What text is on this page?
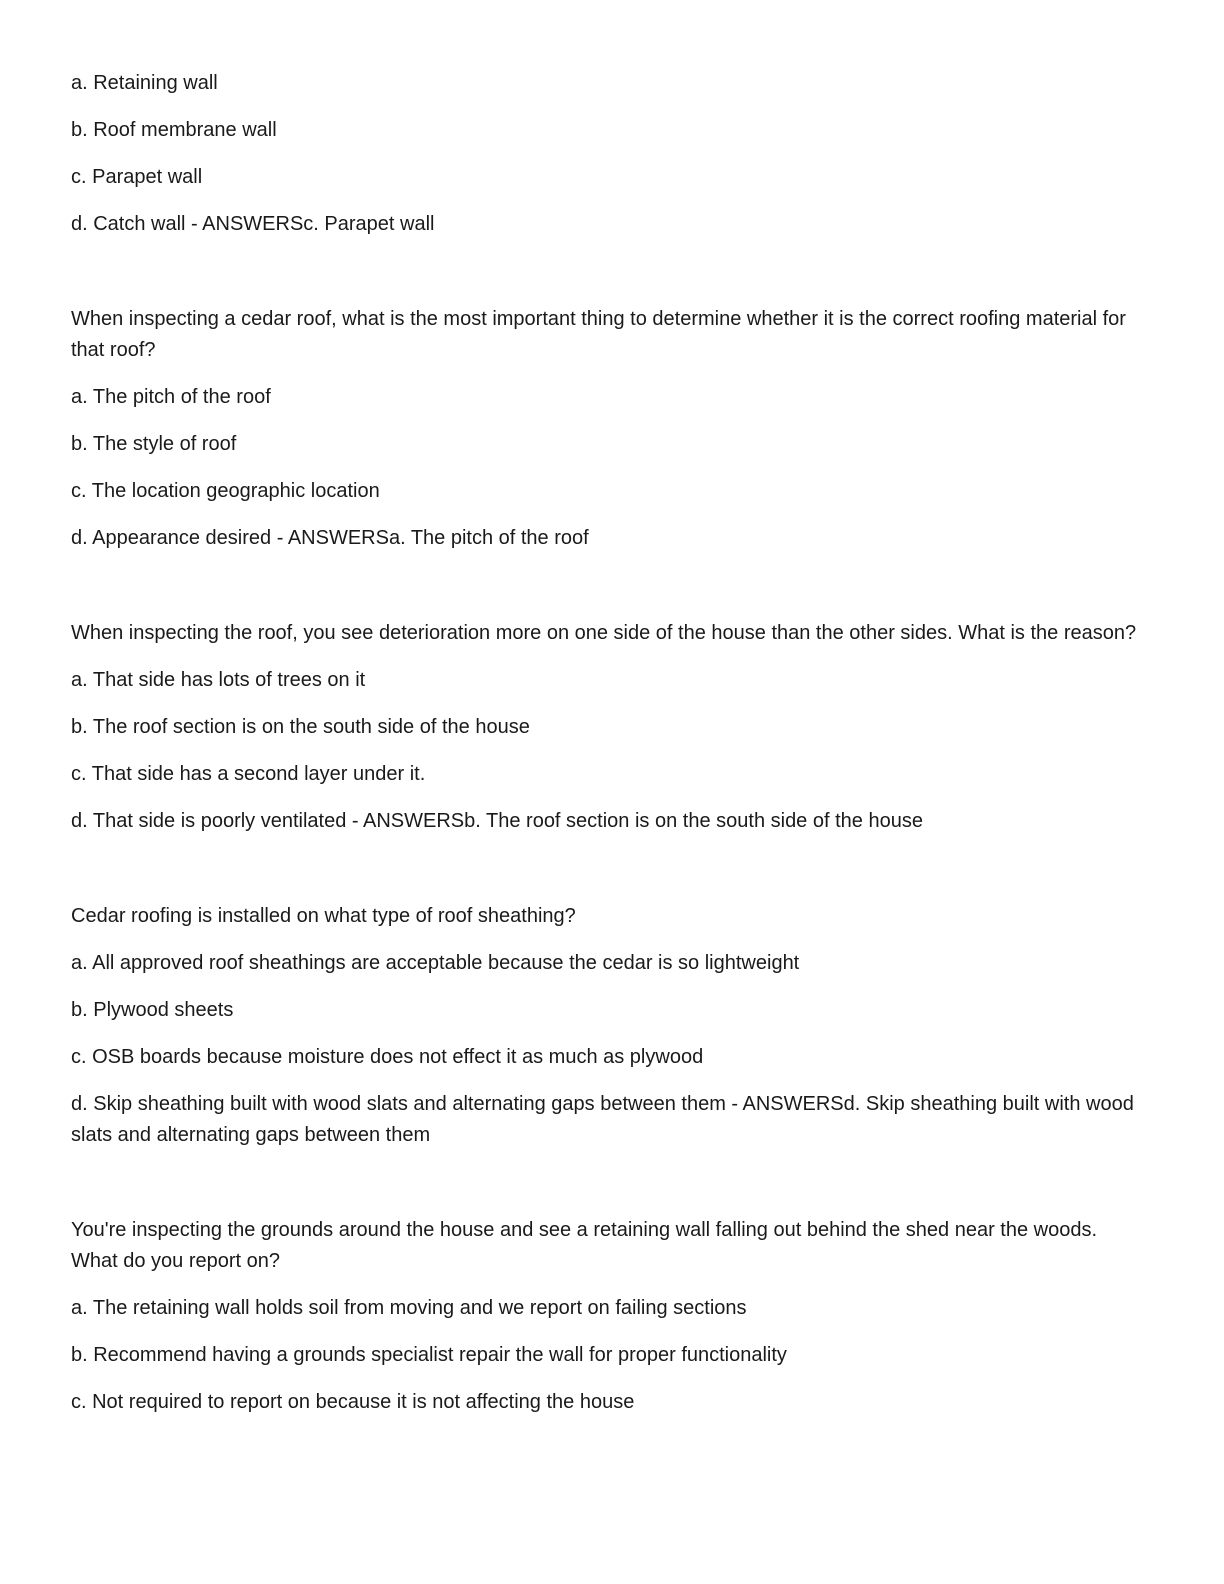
a. Retaining wall

b. Roof membrane wall

c. Parapet wall

d. Catch wall - ANSWERSc. Parapet wall

When inspecting a cedar roof, what is the most important thing to determine whether it is the correct roofing material for that roof?

a. The pitch of the roof

b. The style of roof

c. The location geographic location

d. Appearance desired - ANSWERSa. The pitch of the roof

When inspecting the roof, you see deterioration more on one side of the house than the other sides. What is the reason?

a. That side has lots of trees on it

b. The roof section is on the south side of the house

c. That side has a second layer under it.

d. That side is poorly ventilated - ANSWERSb. The roof section is on the south side of the house

Cedar roofing is installed on what type of roof sheathing?

a. All approved roof sheathings are acceptable because the cedar is so lightweight

b. Plywood sheets

c. OSB boards because moisture does not effect it as much as plywood

d. Skip sheathing built with wood slats and alternating gaps between them - ANSWERSd. Skip sheathing built with wood slats and alternating gaps between them

You're inspecting the grounds around the house and see a retaining wall falling out behind the shed near the woods. What do you report on?

a. The retaining wall holds soil from moving and we report on failing sections

b. Recommend having a grounds specialist repair the wall for proper functionality

c. Not required to report on because it is not affecting the house
